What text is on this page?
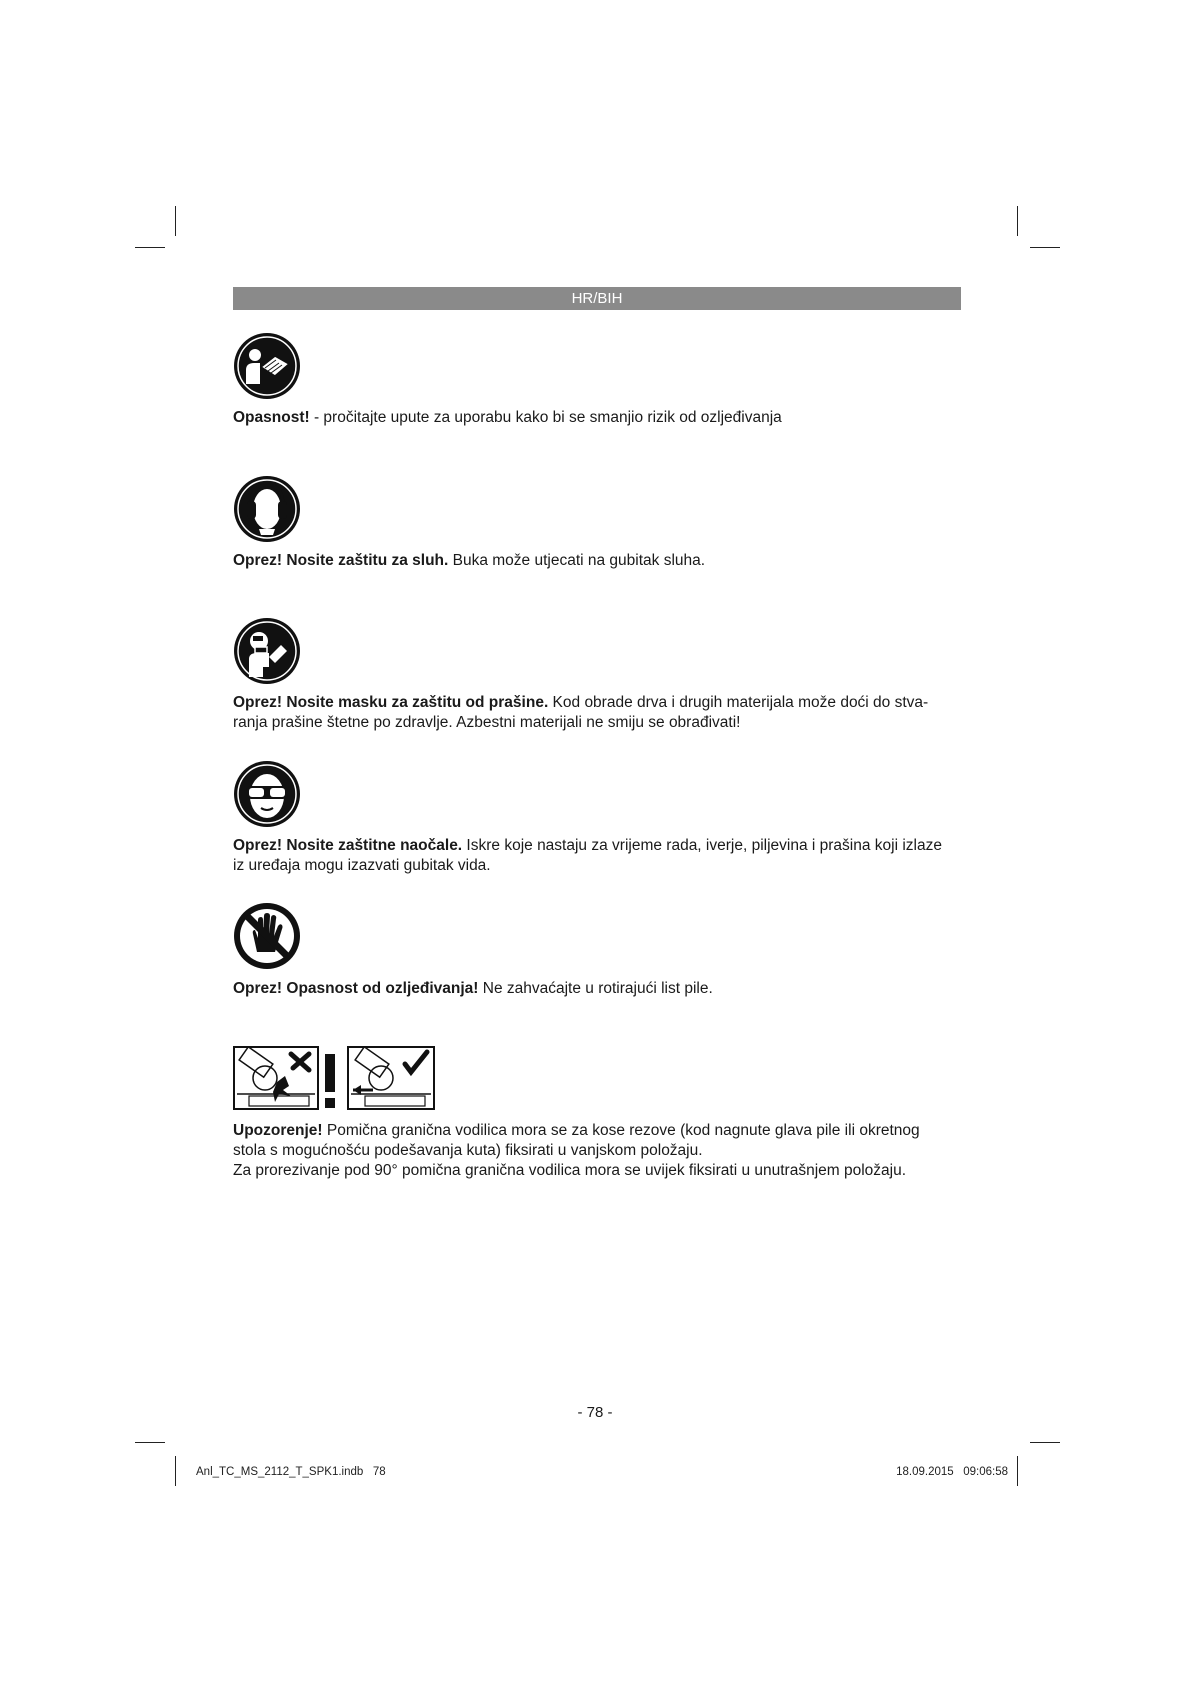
HR/BIH

Opasnost! - pročitajte upute za uporabu kako bi se smanjio rizik od ozljeđivanja

Oprez! Nosite zaštitu za sluh. Buka može utjecati na gubitak sluha.

Oprez! Nosite masku za zaštitu od prašine. Kod obrade drva i drugih materijala može doći do stva-
ranja prašine štetne po zdravlje. Azbestni materijali ne smiju se obrađivati!

Oprez! Nosite zaštitne naočale. Iskre koje nastaju za vrijeme rada, iverje, piljevina i prašina koji izlaze
iz uređaja mogu izazvati gubitak vida.

Oprez! Opasnost od ozljeđivanja! Ne zahvaćajte u rotirajući list pile.

Upozorenje! Pomična granična vodilica mora se za kose rezove (kod nagnute glava pile ili okretnog
stola s mogućnošću podešavanja kuta) fiksirati u vanjskom položaju.
Za prorezivanje pod 90° pomična granična vodilica mora se uvijek fiksirati u unutrašnjem položaju.

- 78 -
Anl_TC_MS_2112_T_SPK1.indb   78	18.09.2015   09:06:58
